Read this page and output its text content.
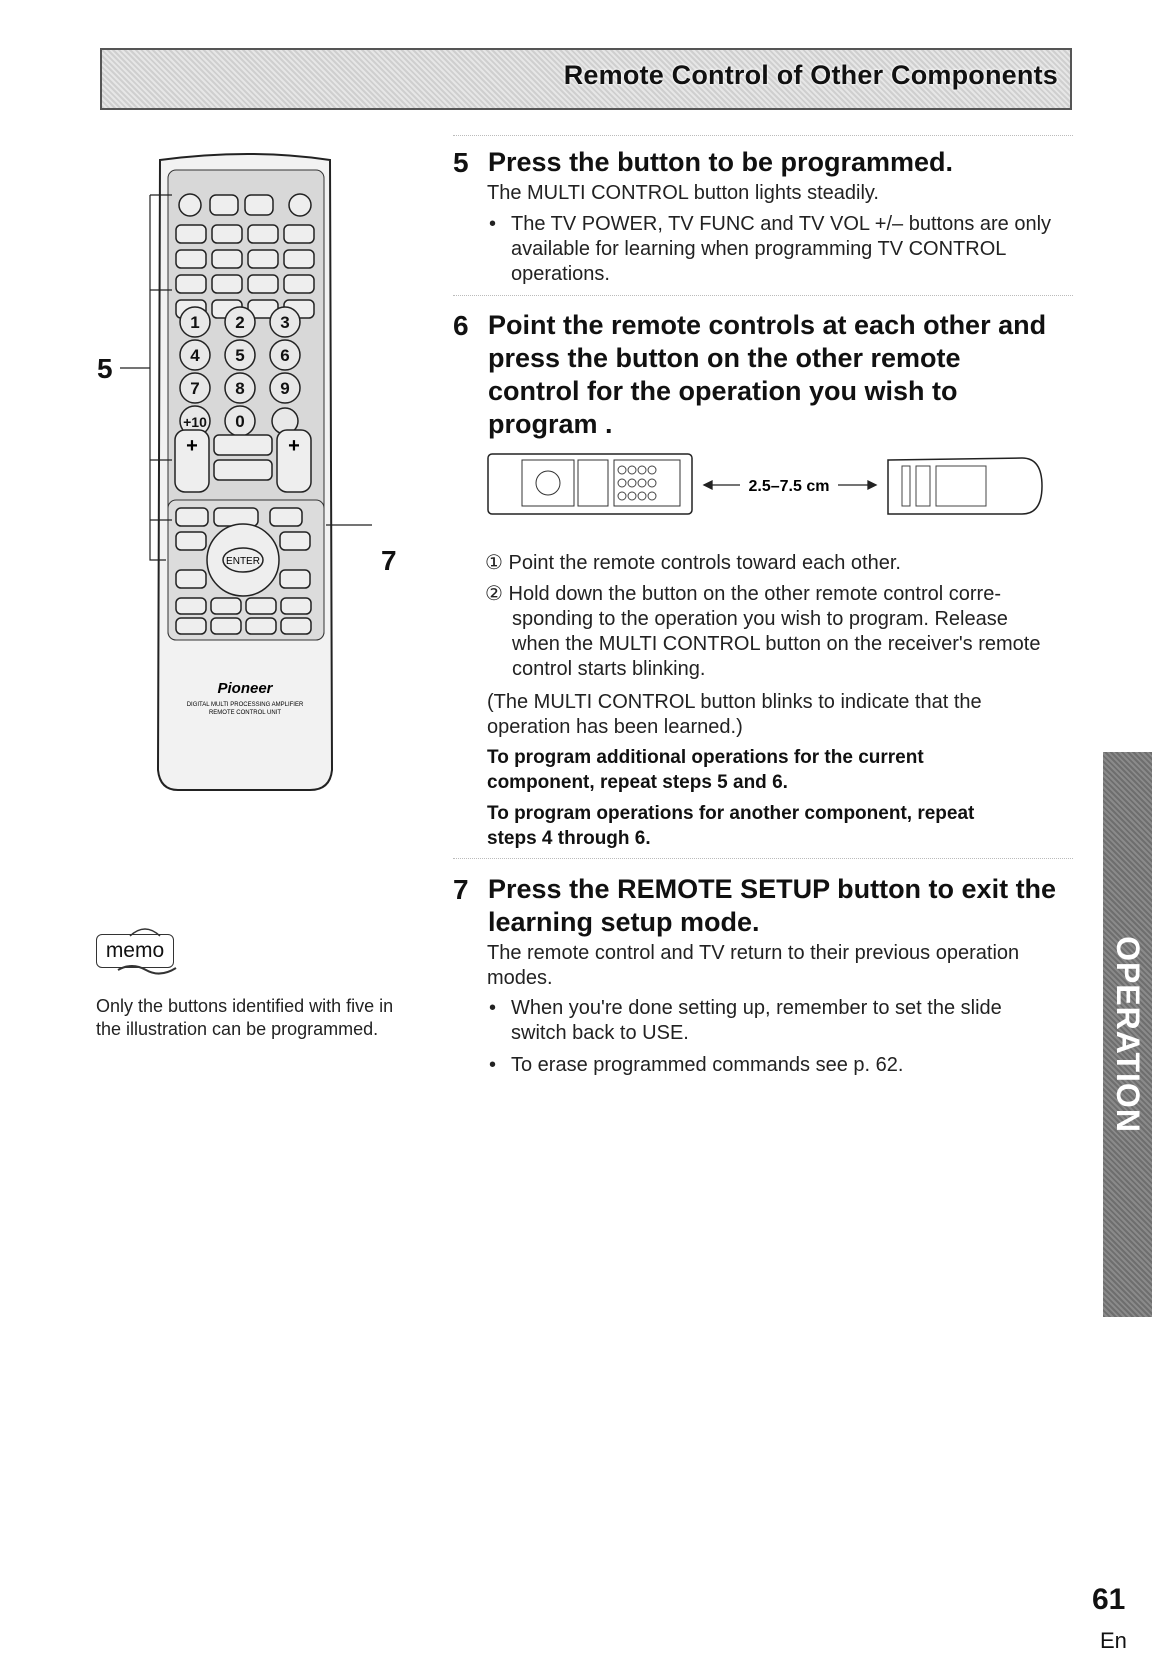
Remote Control of Other Components
1 2 3
4 5 6
7 8 9
+10 0
+	+
ENTER
Pioneer
DIGITAL MULTI PROCESSING AMPLIFIER
REMOTE CONTROL UNIT
5
7
5 Press the button to be programmed.
The MULTI CONTROL button lights steadily.
• The TV POWER, TV FUNC and TV VOL +/– buttons are only available for learning when programming TV CONTROL operations.
6 Point the remote controls at each other and
press the button on the other remote
control for the operation you wish to
program .
2.5–7.5 cm
① Point the remote controls toward each other.
② Hold down the button on the other remote control corre-
sponding to the operation you wish to program. Release
when the MULTI CONTROL button on the receiver's remote
control starts blinking.
(The MULTI CONTROL button blinks to indicate that the
operation has been learned.)
To program additional operations for the current
component, repeat steps 5 and 6.
To program operations for another component, repeat
steps 4 through 6.
7 Press the REMOTE SETUP button to exit the
learning setup mode.
The remote control and TV return to their previous operation
modes.
• When you're done setting up, remember to set the slide
switch back to USE.
• To erase programmed commands see p. 62.
memo
Only the buttons identified with five in
the illustration can be programmed.	OPERATION
61
En
